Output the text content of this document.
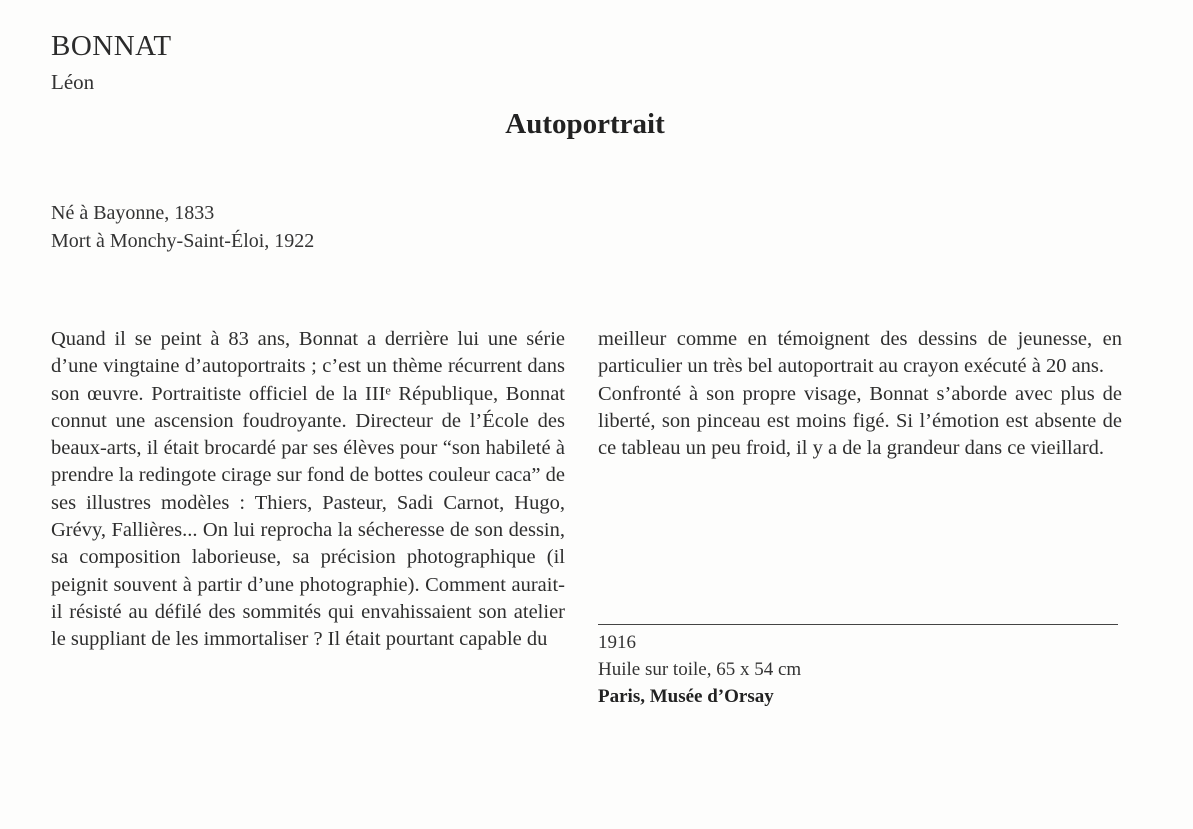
BONNAT
Léon
Autoportrait
Né à Bayonne, 1833
Mort à Monchy-Saint-Éloi, 1922

Quand il se peint à 83 ans, Bonnat a derrière lui une série d’une vingtaine d’autoportraits ; c’est un thème récurrent dans son œuvre. Portraitiste officiel de la IIIᵉ République, Bonnat connut une ascension foudroyante. Directeur de l’École des beaux-arts, il était brocardé par ses élèves pour “son habileté à prendre la redingote cirage sur fond de bottes couleur caca” de ses illustres modèles : Thiers, Pasteur, Sadi Carnot, Hugo, Grévy, Fallières... On lui reprocha la sécheresse de son dessin, sa composition laborieuse, sa précision photographique (il peignit souvent à partir d’une photographie). Comment aurait-il résisté au défilé des sommités qui envahissaient son atelier le suppliant de les immortaliser ? Il était pourtant capable du

meilleur comme en témoignent des dessins de jeunesse, en particulier un très bel autoportrait au crayon exécuté à 20 ans.

Confronté à son propre visage, Bonnat s’aborde avec plus de liberté, son pinceau est moins figé. Si l’émotion est absente de ce tableau un peu froid, il y a de la grandeur dans ce vieillard.

1916
Huile sur toile, 65 x 54 cm
Paris, Musée d’Orsay
